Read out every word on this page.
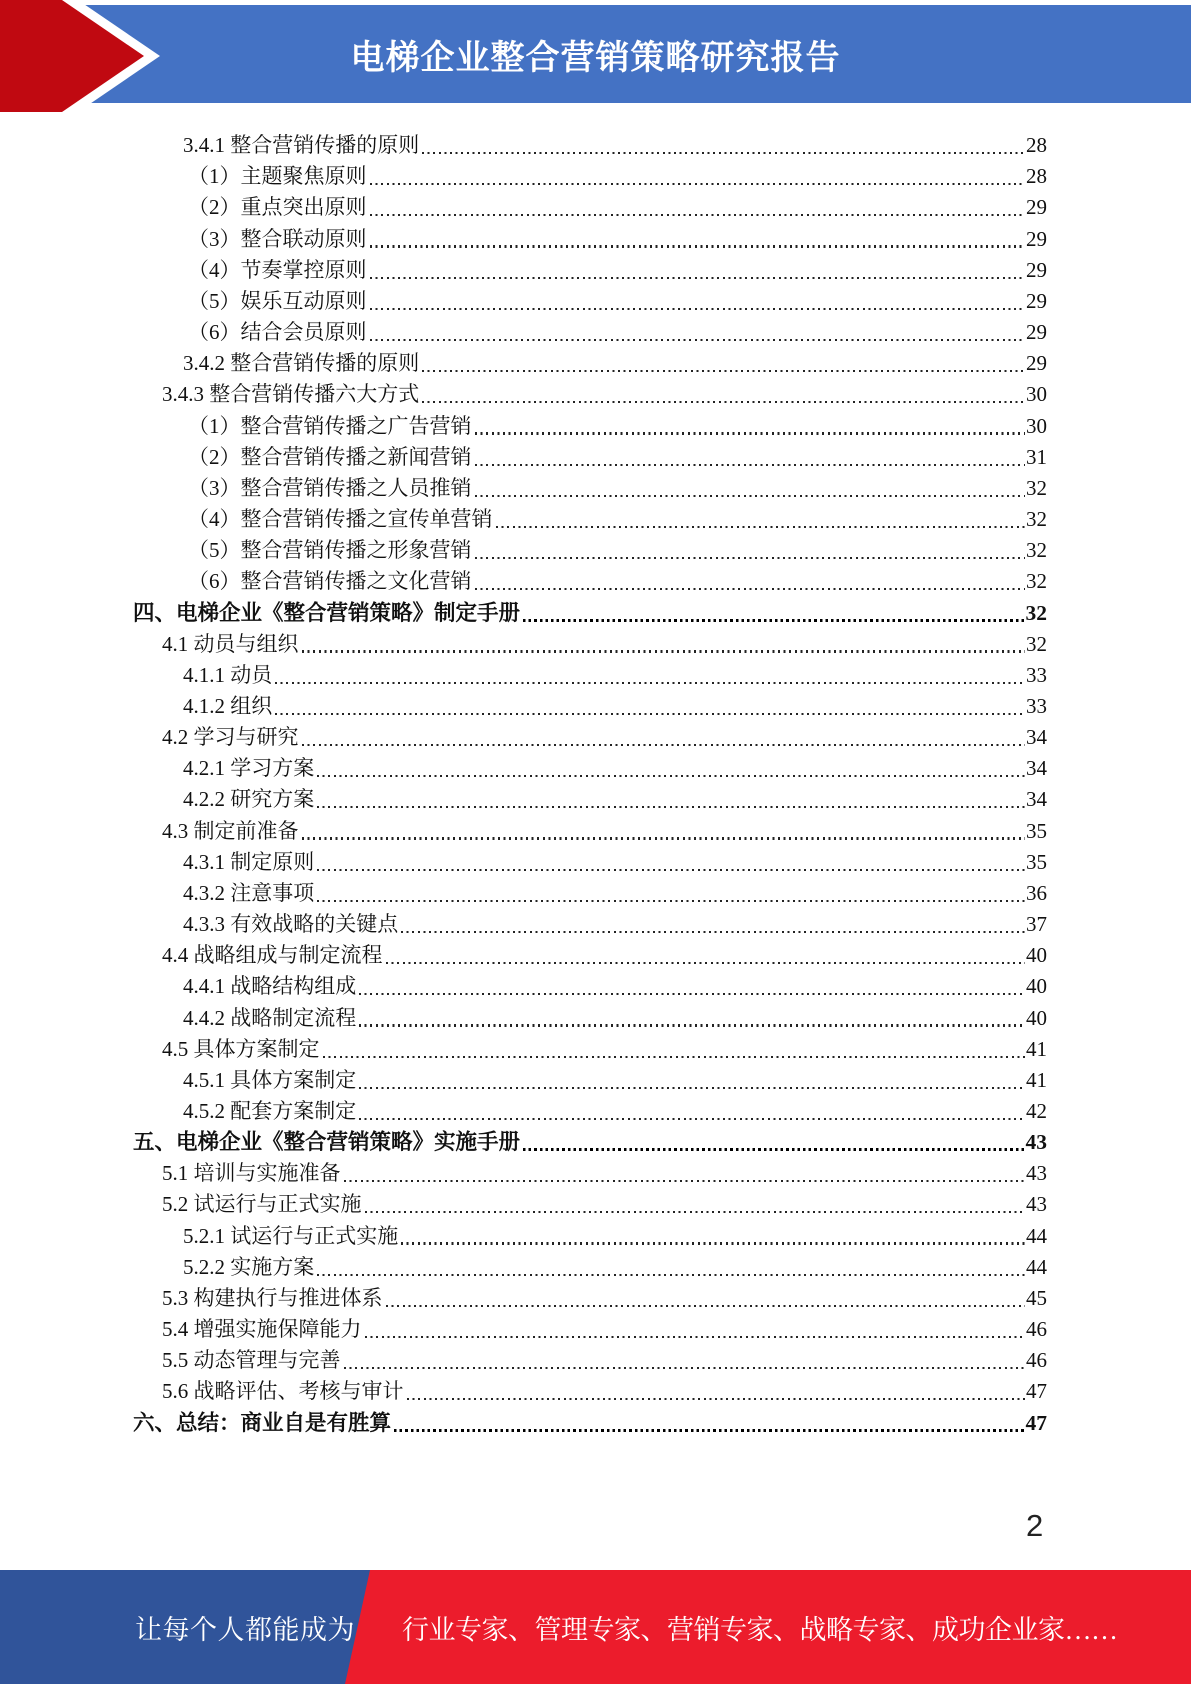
电梯企业整合营销策略研究报告
3.4.1 整合营销传播的原则	28
（1）主题聚焦原则	28
（2）重点突出原则	29
（3）整合联动原则	29
（4）节奏掌控原则	29
（5）娱乐互动原则	29
（6）结合会员原则	29
3.4.2 整合营销传播的原则	29
3.4.3 整合营销传播六大方式	30
（1）整合营销传播之广告营销	30
（2）整合营销传播之新闻营销	31
（3）整合营销传播之人员推销	32
（4）整合营销传播之宣传单营销	32
（5）整合营销传播之形象营销	32
（6）整合营销传播之文化营销	32
四、电梯企业《整合营销策略》制定手册	32
4.1 动员与组织	32
4.1.1 动员	33
4.1.2 组织	33
4.2 学习与研究	34
4.2.1 学习方案	34
4.2.2 研究方案	34
4.3 制定前准备	35
4.3.1 制定原则	35
4.3.2 注意事项	36
4.3.3 有效战略的关键点	37
4.4 战略组成与制定流程	40
4.4.1 战略结构组成	40
4.4.2 战略制定流程	40
4.5 具体方案制定	41
4.5.1 具体方案制定	41
4.5.2 配套方案制定	42
五、电梯企业《整合营销策略》实施手册	43
5.1 培训与实施准备	43
5.2 试运行与正式实施	43
5.2.1 试运行与正式实施	44
5.2.2 实施方案	44
5.3 构建执行与推进体系	45
5.4 增强实施保障能力	46
5.5 动态管理与完善	46
5.6 战略评估、考核与审计	47
六、总结：商业自是有胜算	47
2
让每个人都能成为 行业专家、管理专家、营销专家、战略专家、成功企业家……
